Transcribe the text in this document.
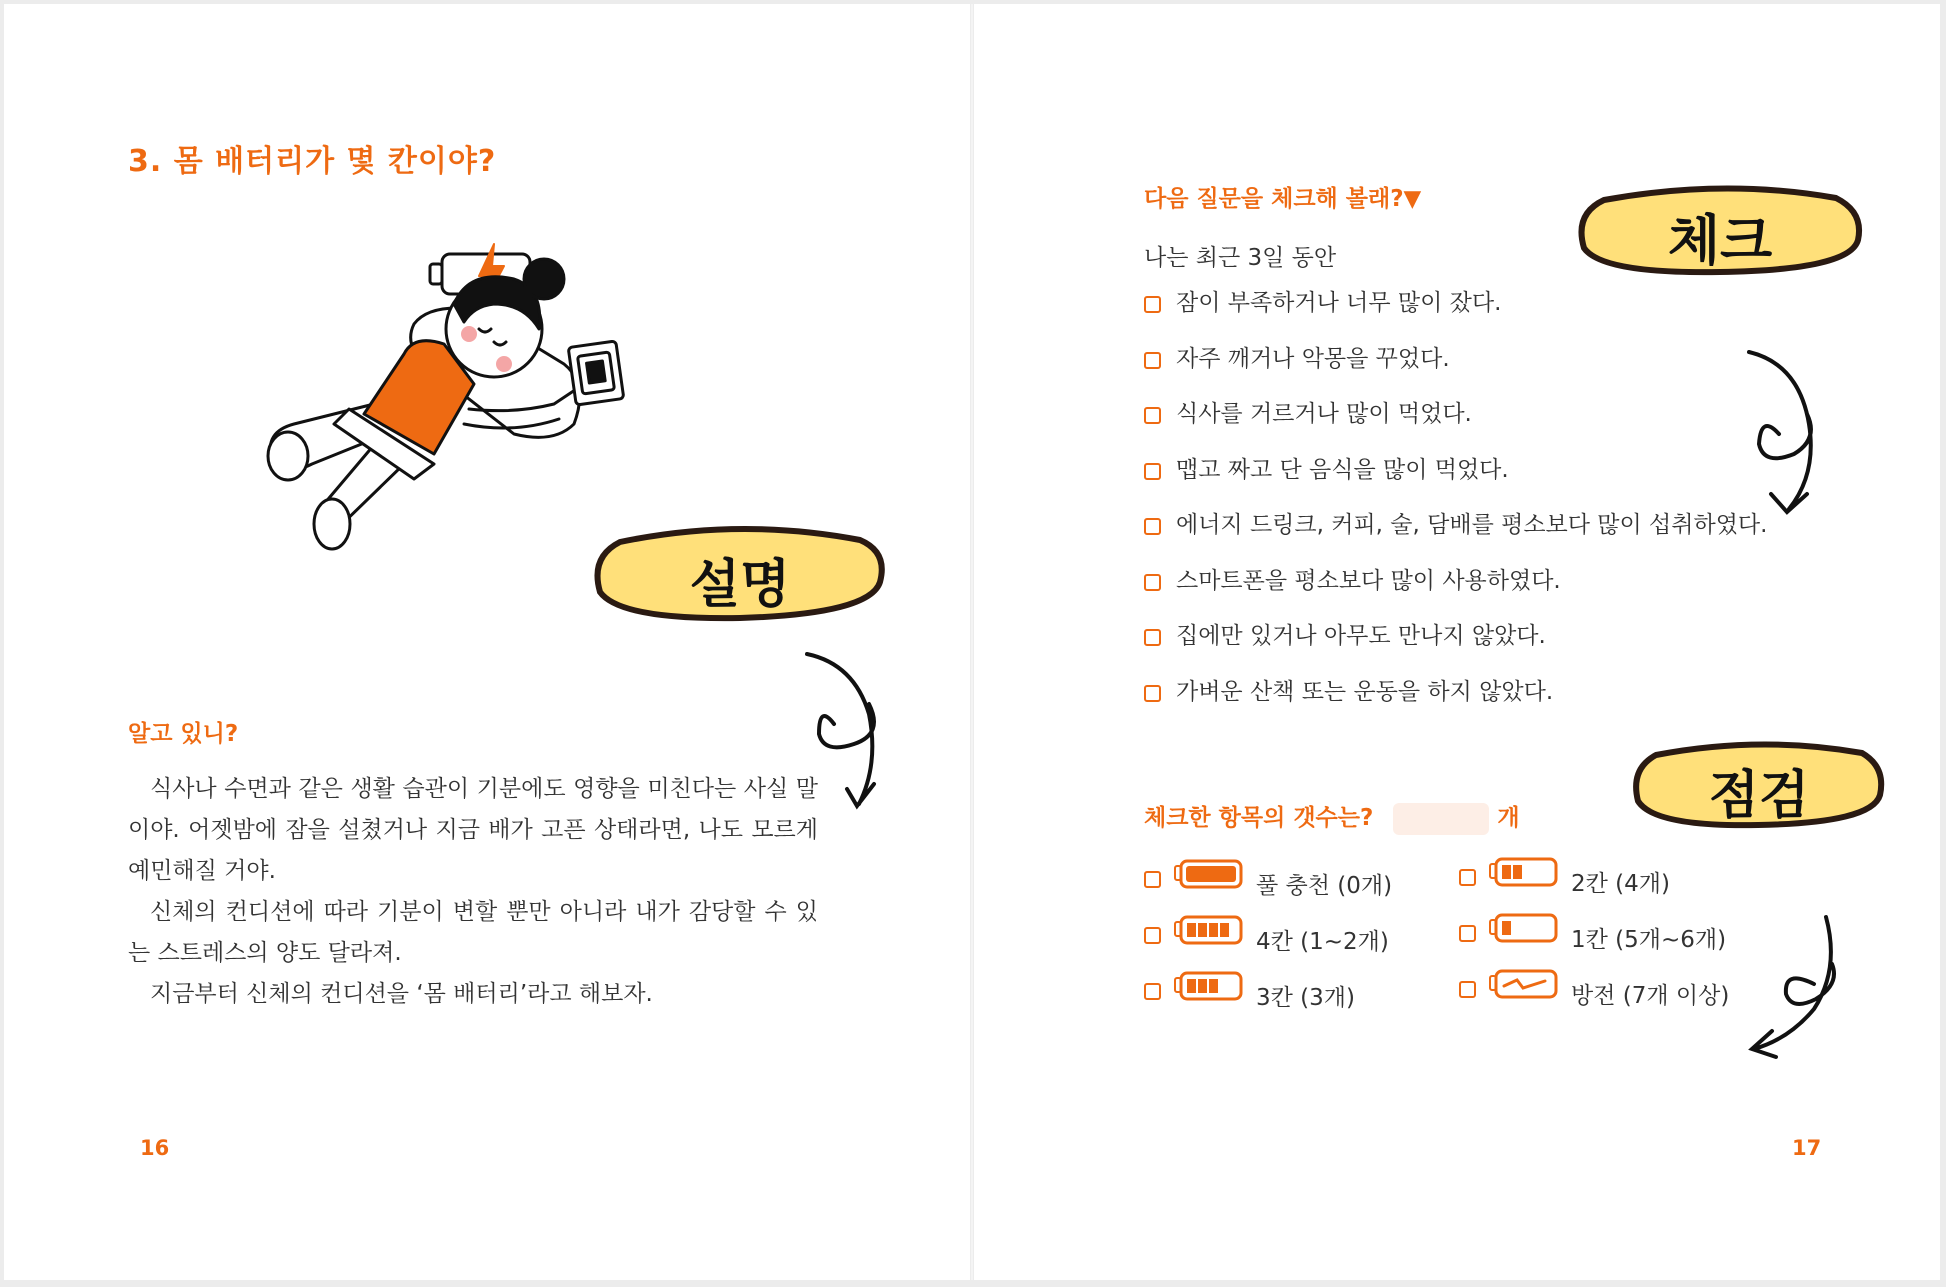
3. 몸 배터리가 몇 칸이야?
설명
알고 있니?

식사나 수면과 같은 생활 습관이 기분에도 영향을 미친다는 사실 말이야. 어젯밤에 잠을 설쳤거나 지금 배가 고픈 상태라면, 나도 모르게 예민해질 거야.

신체의 컨디션에 따라 기분이 변할 뿐만 아니라 내가 감당할 수 있는 스트레스의 양도 달라져.

지금부터 신체의 컨디션을 ‘몸 배터리’라고 해보자.

16
다음 질문을 체크해 볼래?▼
체크
나는 최근 3일 동안
잠이 부족하거나 너무 많이 잤다.
자주 깨거나 악몽을 꾸었다.
식사를 거르거나 많이 먹었다.
맵고 짜고 단 음식을 많이 먹었다.
에너지 드링크, 커피, 술, 담배를 평소보다 많이 섭취하였다.
스마트폰을 평소보다 많이 사용하였다.
집에만 있거나 아무도 만나지 않았다.
가벼운 산책 또는 운동을 하지 않았다.
점검
체크한 항목의 갯수는?	개
풀 충천 (0개)
4칸 (1~2개)
3칸 (3개)
2칸 (4개)
1칸 (5개~6개)
방전 (7개 이상)
17
